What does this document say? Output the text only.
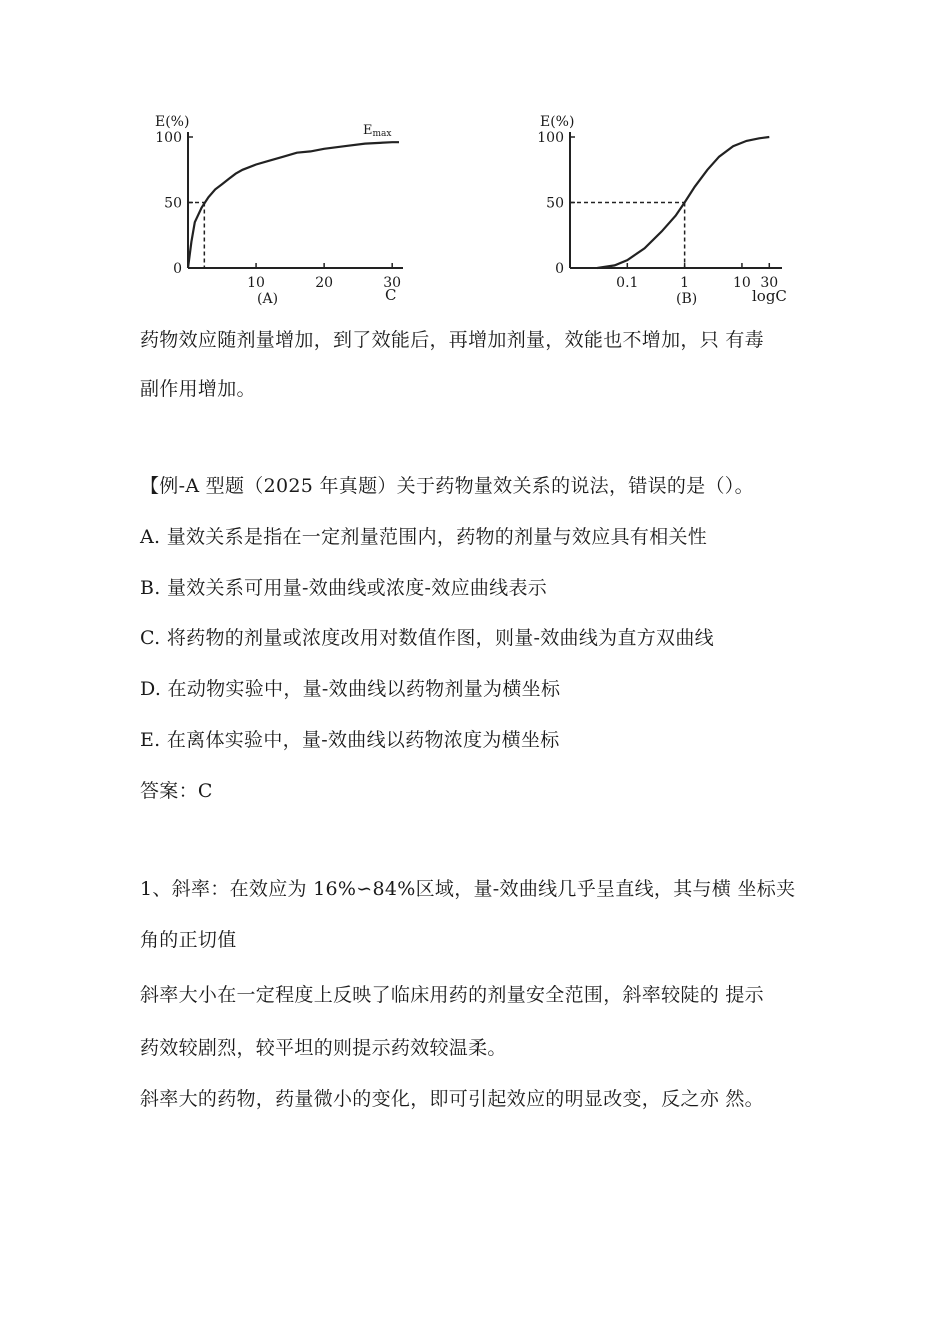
E(%)
Emax
0
50
100
10	20	30
(A)	C
E(%)
0
50
100
0.1	1	10 30
(B)	logC
药物效应随剂量增加，到了效能后，再增加剂量，效能也不增加，只 有毒
副作用增加。
【例-A 型题（2025 年真题）关于药物量效关系的说法，错误的是（）。
A. 量效关系是指在一定剂量范围内，药物的剂量与效应具有相关性
B. 量效关系可用量-效曲线或浓度-效应曲线表示
C. 将药物的剂量或浓度改用对数值作图，则量-效曲线为直方双曲线
D. 在动物实验中，量-效曲线以药物剂量为横坐标
E. 在离体实验中，量-效曲线以药物浓度为横坐标
答案：C
1、斜率：在效应为 16%∽84%区域，量-效曲线几乎呈直线，其与横 坐标夹
角的正切值
斜率大小在一定程度上反映了临床用药的剂量安全范围，斜率较陡的 提示
药效较剧烈，较平坦的则提示药效较温柔。
斜率大的药物，药量微小的变化，即可引起效应的明显改变，反之亦 然。
